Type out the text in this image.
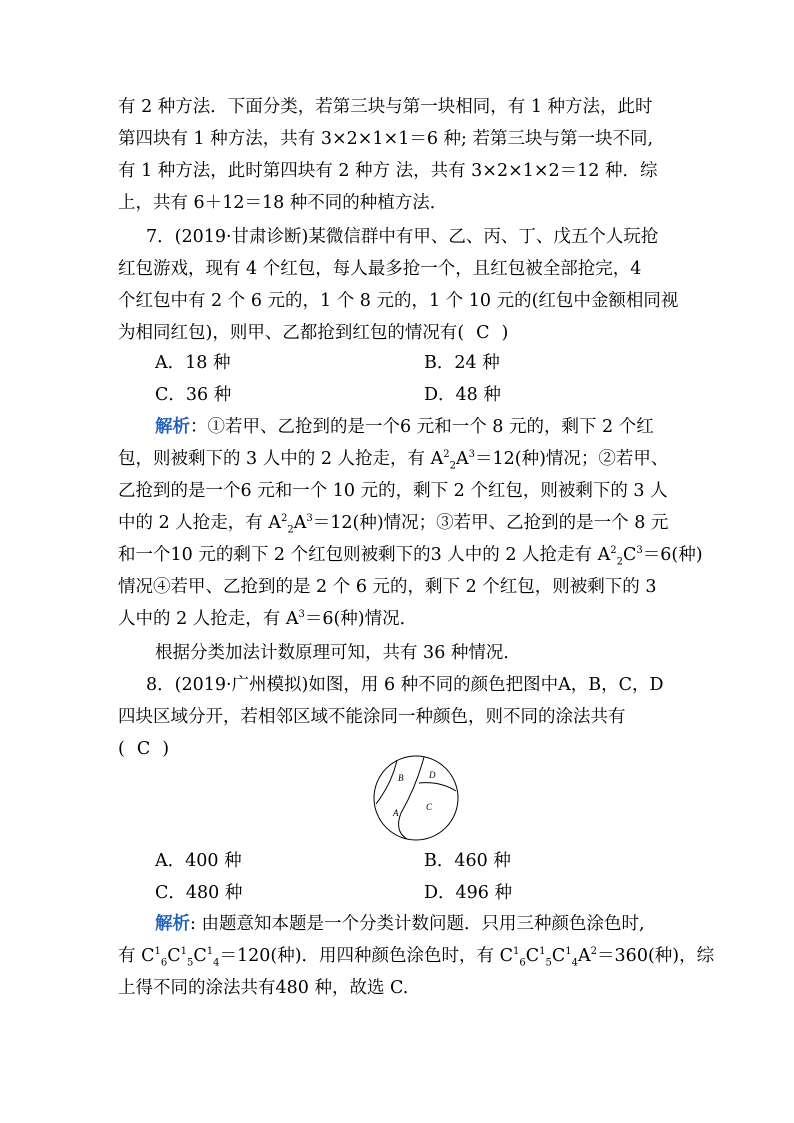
有 2 种方法．下面分类，若第三块与第一块相同，有 1 种方法，此时
第四块有 1 种方法，共有 3×2×1×1＝6 种; 若第三块与第一块不同,
有 1 种方法，此时第四块有 2 种方 法，共有 3×2×1×2＝12 种．综
上，共有 6＋12＝18 种不同的种植方法．
7．(2019·甘肃诊断)某微信群中有甲、乙、丙、丁、戊五个人玩抢
红包游戏，现有 4 个红包，每人最多抢一个，且红包被全部抢完，4
个红包中有 2 个 6 元的，1 个 8 元的，1 个 10 元的(红包中金额相同视
为相同红包)，则甲、乙都抢到红包的情况有( C )
A．18 种	B．24 种
C．36 种	D．48 种
解析：①若甲、乙抢到的是一个6 元和一个 8 元的，剩下 2 个红
包，则被剩下的 3 人中的 2 人抢走，有 $A^2_2A^3=12$(种)情况；②若甲、
乙抢到的是一个6 元和一个 10 元的，剩下 2 个红包，则被剩下的 3 人
中的 2 人抢走，有 $A^2_2A^3=12$(种)情况；③若甲、乙抢到的是一个 8 元
和一个10 元的剩下 2 个红包则被剩下的3 人中的 2 人抢走有 $A^2_2C^3=6$(种)
情况④若甲、乙抢到的是 2 个 6 元的，剩下 2 个红包，则被剩下的 3
人中的 2 人抢走，有 $A^3=6$(种)情况．
根据分类加法计数原理可知，共有 36 种情况．
8．(2019·广州模拟)如图，用 6 种不同的颜色把图中A，B，C，D
四块区域分开，若相邻区域不能涂同一种颜色，则不同的涂法共有
( C )
B	D
C
A
A．400 种	B．460 种
C．480 种	D．496 种
解析: 由题意知本题是一个分类计数问题．只用三种颜色涂色时,
有 $C^1_6C^1_5C^1_4=120$(种)．用四种颜色涂色时，有 $C^1_6C^1_5C^1_4A^2=360$(种)，综
上得不同的涂法共有480 种，故选 C.
